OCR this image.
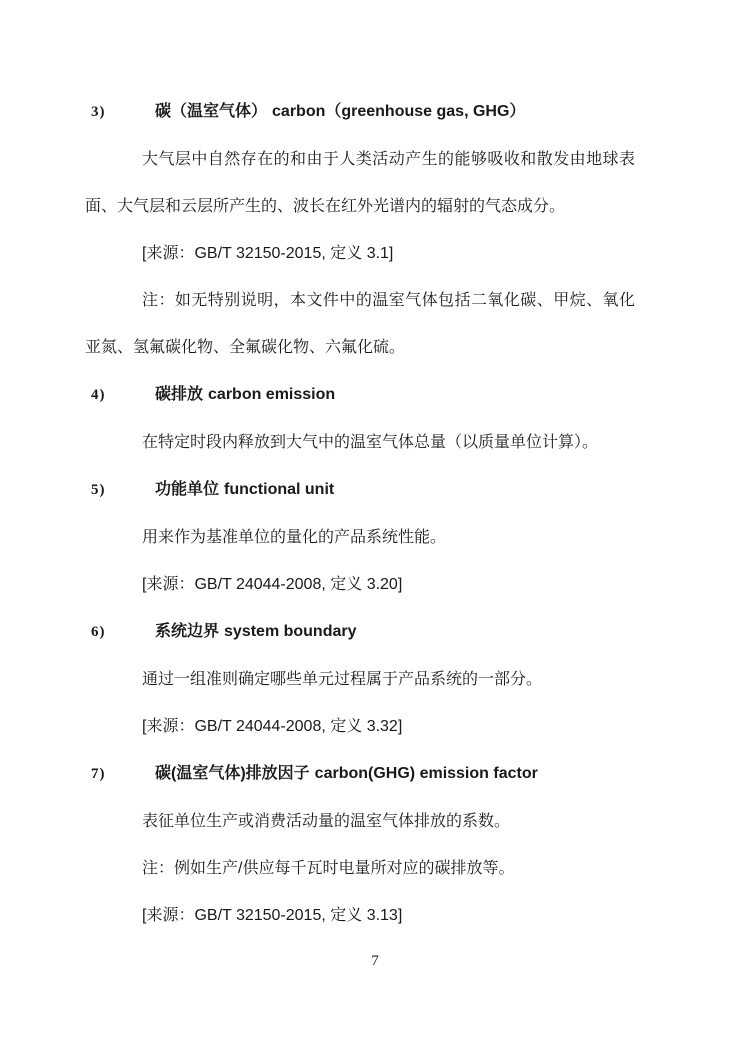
3)	碳（温室气体） carbon（greenhouse gas, GHG）

大气层中自然存在的和由于人类活动产生的能够吸收和散发由地球表面、大气层和云层所产生的、波长在红外光谱内的辐射的气态成分。

[来源：GB/T 32150-2015, 定义 3.1]

注：如无特别说明，本文件中的温室气体包括二氧化碳、甲烷、氧化亚氮、氢氟碳化物、全氟碳化物、六氟化硫。

4)	碳排放 carbon emission

在特定时段内释放到大气中的温室气体总量（以质量单位计算）。

5)	功能单位 functional unit

用来作为基准单位的量化的产品系统性能。

[来源：GB/T 24044-2008, 定义 3.20]

6)	系统边界 system boundary

通过一组准则确定哪些单元过程属于产品系统的一部分。

[来源：GB/T 24044-2008, 定义 3.32]

7)	碳(温室气体)排放因子 carbon(GHG) emission factor

表征单位生产或消费活动量的温室气体排放的系数。

注：例如生产/供应每千瓦时电量所对应的碳排放等。

[来源：GB/T 32150-2015, 定义 3.13]

7
